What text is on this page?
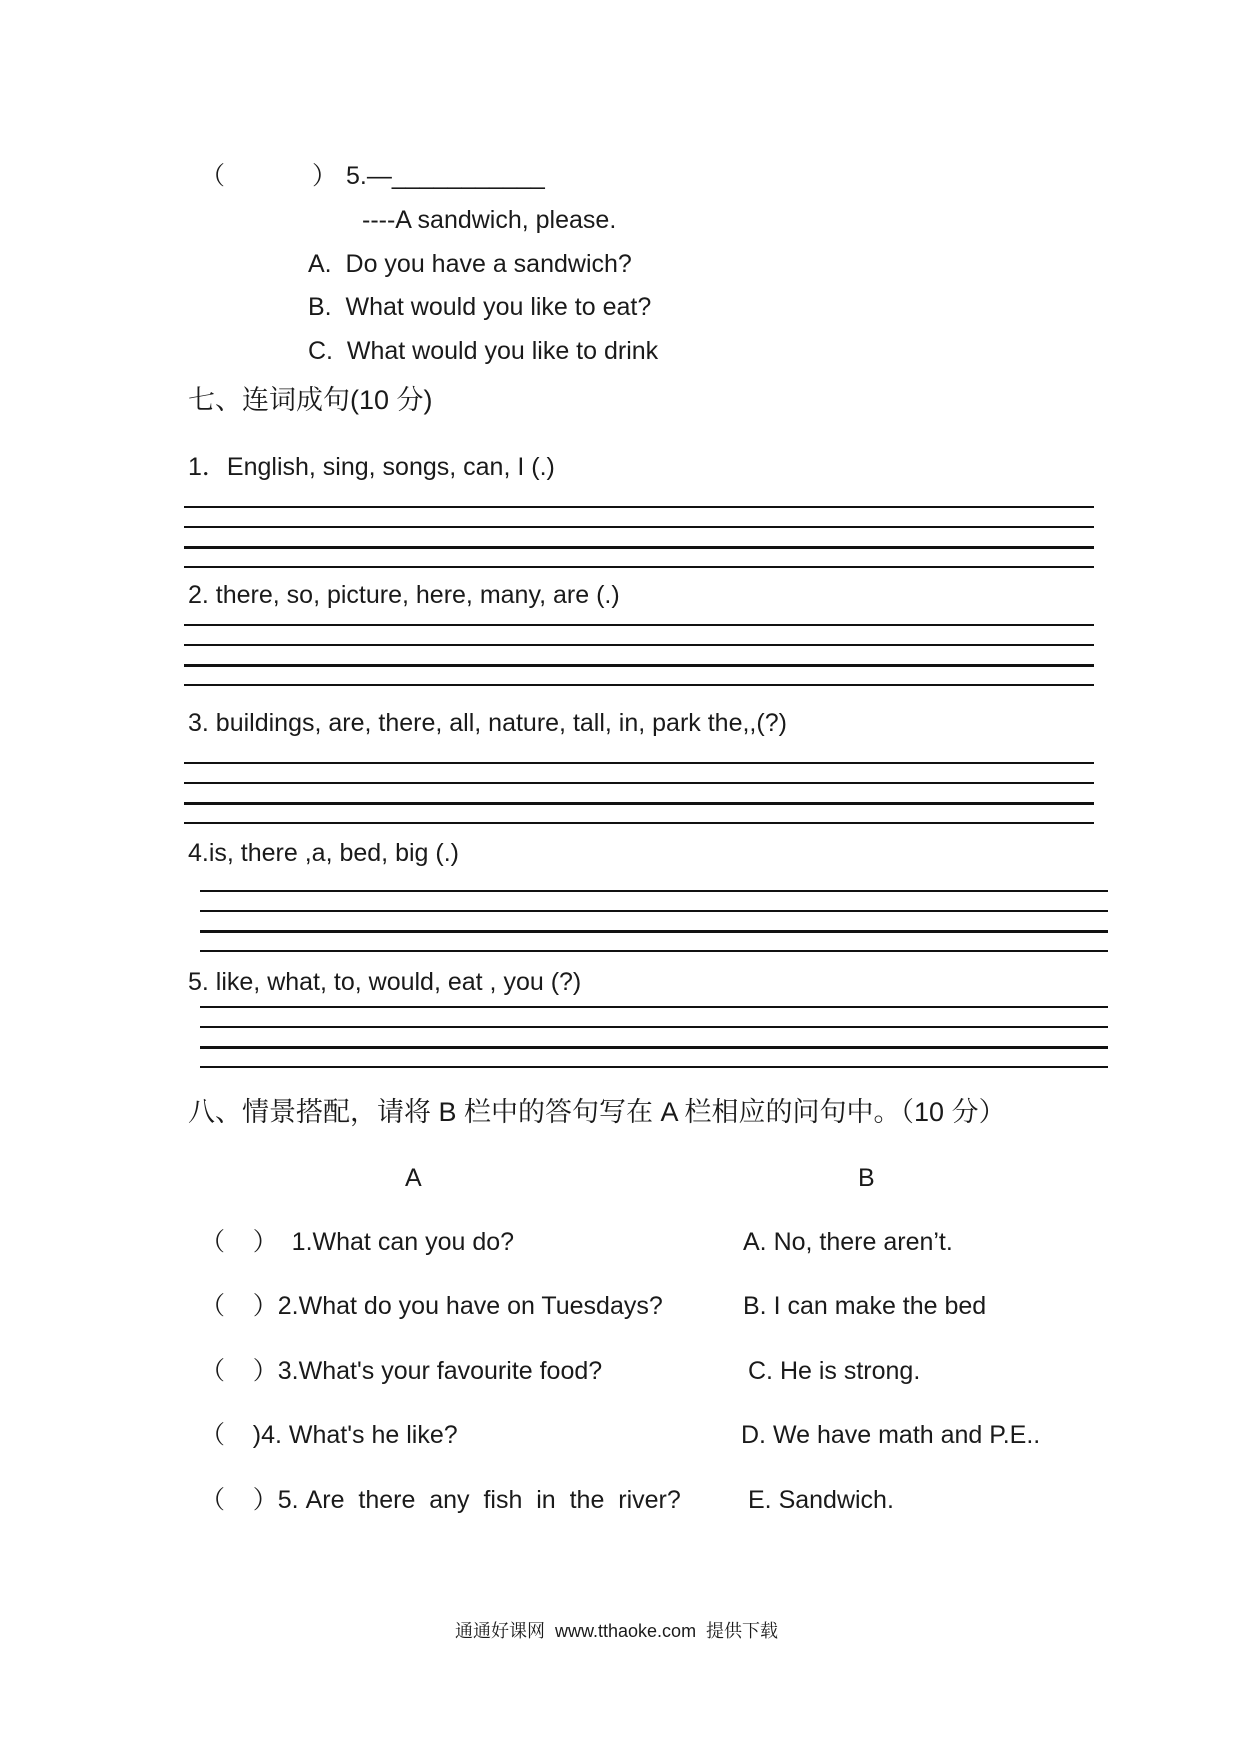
（	） 5.—___________
----A sandwich, please.
A.  Do you have a sandwich?
B.  What would you like to eat?
C.  What would you like to drink
七、连词成句(10 分)
1．English, sing, songs, can, I (.)
2. there, so, picture, here, many, are (.)
3. buildings, are, there, all, nature, tall, in, park the,,(?)
4.is, there ,a, bed, big (.)
5. like, what, to, would, eat , you (?)
八、情景搭配，请将 B 栏中的答句写在 A 栏相应的问句中。（10 分）
A	B
（    ）  1.What can you do?	A. No, there aren’t.
（    ）2.What do you have on Tuesdays?	B. I can make the bed
（    ）3.What's your favourite food?	C. He is strong.
（    )4. What's he like?	D. We have math and P.E..
（    ）5. Are  there  any  fish  in  the  river?	E. Sandwich.
通通好课网  www.tthaoke.com  提供下载
